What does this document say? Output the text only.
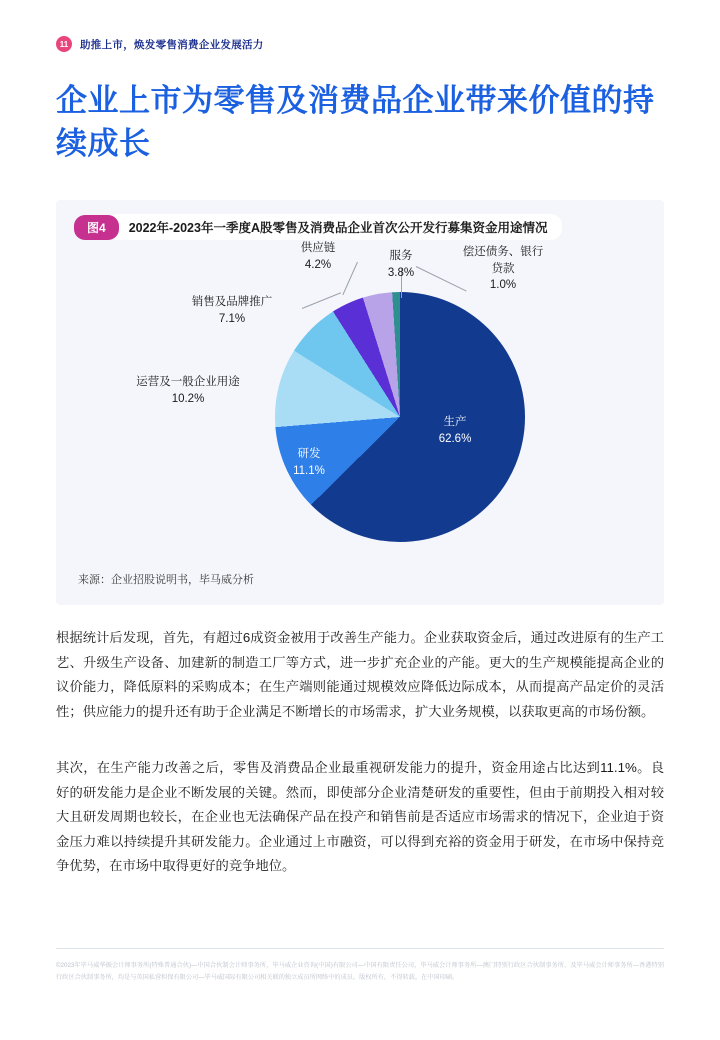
11	助推上市，焕发零售消费企业发展活力
企业上市为零售及消费品企业带来价值的持续成长
图4	2022年-2023年一季度A股零售及消费品企业首次公开发行募集资金用途情况
供应链
4.2%
服务
3.8%
偿还债务、银行
贷款
1.0%
销售及品牌推广
7.1%
运营及一般企业用途
10.2%
研发
11.1%
生产
62.6%
来源：企业招股说明书，毕马威分析
根据统计后发现，首先，有超过6成资金被用于改善生产能力。企业获取资金后，通过改进原有的生产工艺、升级生产设备、加建新的制造工厂等方式，进一步扩充企业的产能。更大的生产规模能提高企业的议价能力，降低原料的采购成本；在生产端则能通过规模效应降低边际成本，从而提高产品定价的灵活性；供应能力的提升还有助于企业满足不断增长的市场需求，扩大业务规模，以获取更高的市场份额。
其次，在生产能力改善之后，零售及消费品企业最重视研发能力的提升，资金用途占比达到11.1%。良好的研发能力是企业不断发展的关键。然而，即使部分企业清楚研发的重要性，但由于前期投入相对较大且研发周期也较长，在企业也无法确保产品在投产和销售前是否适应市场需求的情况下，企业迫于资金压力难以持续提升其研发能力。企业通过上市融资，可以得到充裕的资金用于研发，在市场中保持竞争优势，在市场中取得更好的竞争地位。
©2023年毕马威华振会计师事务所(特殊普通合伙)—中国合伙制会计师事务所，毕马威企业咨询(中国)有限公司—中国有限责任公司，毕马威会计师事务所—澳门特别行政区合伙制事务所，及毕马威会计师事务所—香港特别行政区合伙制事务所，均是与英国私营担保有限公司—毕马威国际有限公司相关联的独立成员所网络中的成员。版权所有，不得转载。在中国印刷。
